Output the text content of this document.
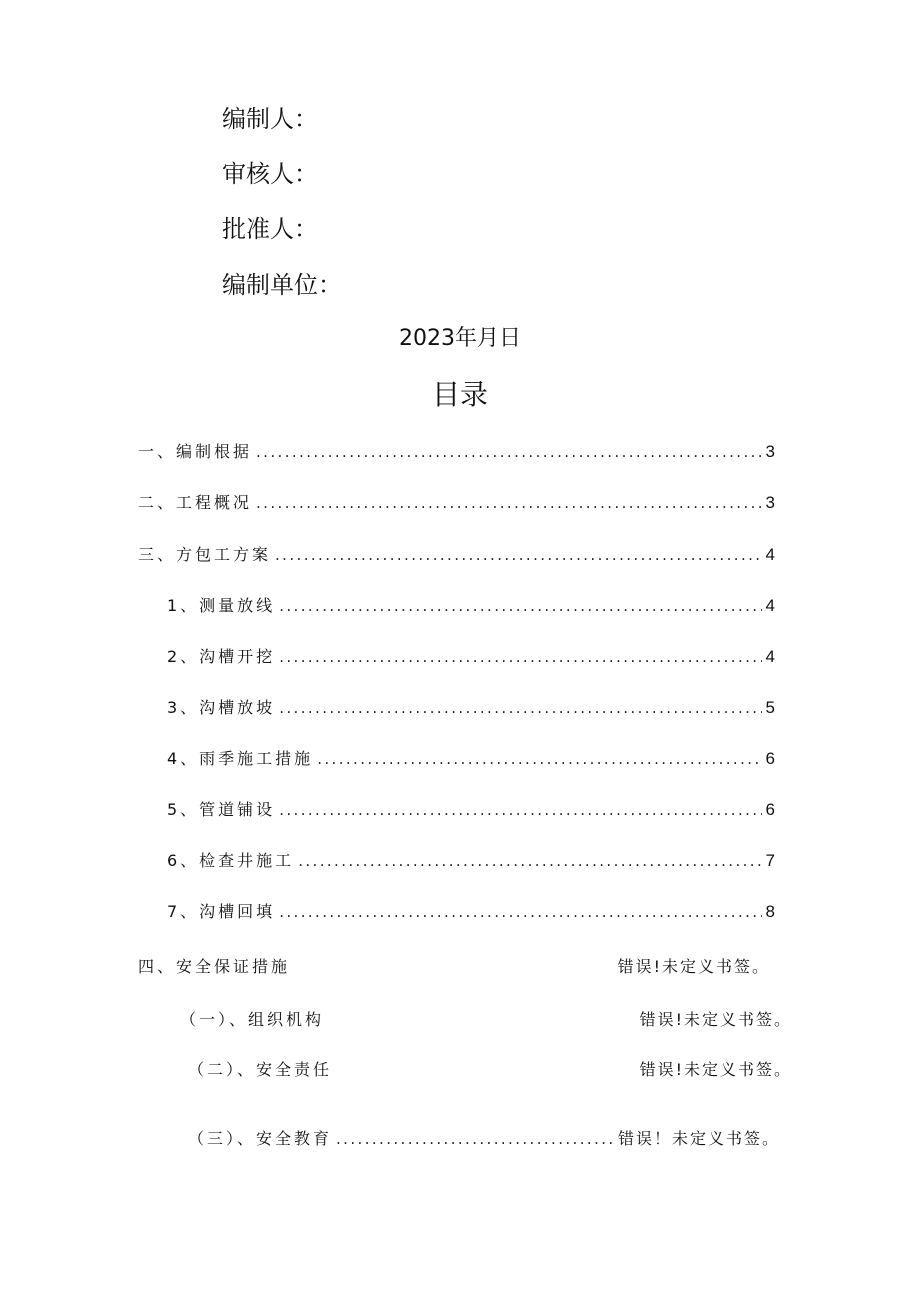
编制人：
审核人：
批准人：
编制单位：
2023年月日
目录
一、编制根据 .....	3
二、工程概况 .....	3
三、方包工方案 .....	4
1、测量放线 .....	4
2、沟槽开挖 .....	4
3、沟槽放坡 .....	5
4、雨季施工措施 .....	6
5、管道铺设 .....	6
6、检查井施工 .....	7
7、沟槽回填 .....	8
四、安全保证措施	错误!未定义书签。
（一）、组织机构	错误!未定义书签。
（二）、安全责任	错误!未定义书签。
（三）、安全教育 .....	错误！未定义书签。
